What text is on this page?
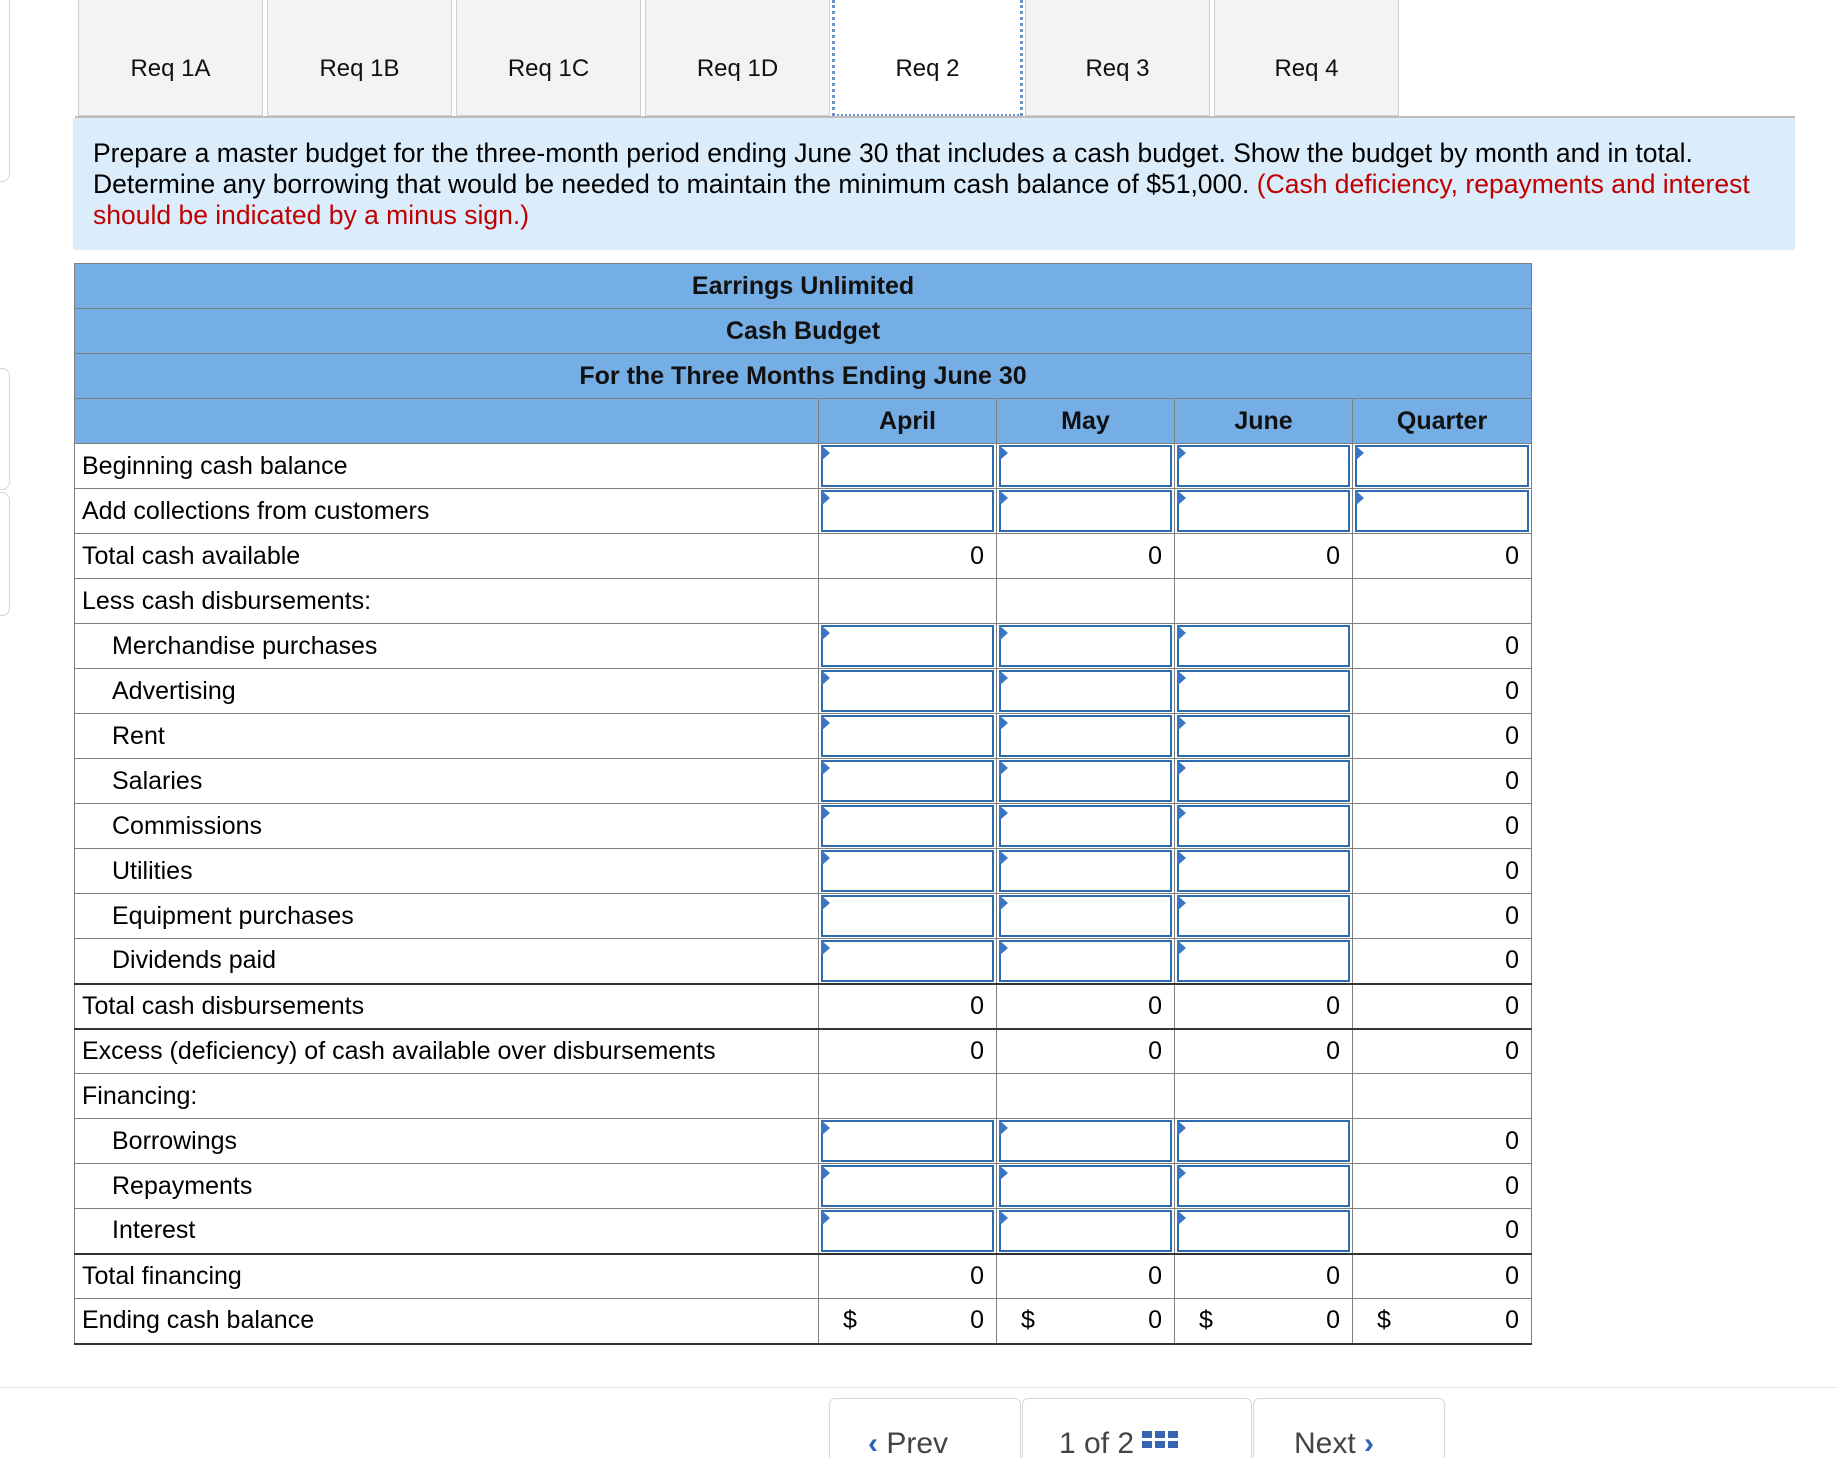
Req 1A	Req 1B	Req 1C	Req 1D	Req 2	Req 3	Req 4
Prepare a master budget for the three-month period ending June 30 that includes a cash budget. Show the budget by month and in total. Determine any borrowing that would be needed to maintain the minimum cash balance of $51,000. (Cash deficiency, repayments and interest should be indicated by a minus sign.)
Earrings Unlimited				
Cash Budget				
For the Three Months Ending June 30				
	April	May	June	Quarter
Beginning cash balance	

Add collections from customers	

Total cash available	0	0	0	0
Less cash disbursements:				
Merchandise purchases				0
Advertising				0
Rent				0
Salaries				0
Commissions				0
Utilities				0
Equipment purchases				0
Dividends paid				0
Total cash disbursements	0	0	0	0
Excess (deficiency) of cash available over disbursements	0	0	0	0
Financing:				
Borrowings				0
Repayments				0
Interest				0
Total financing	0	0	0	0
Ending cash balance	$ 0	$ 0	$ 0	$ 0
‹ Prev	1 of 2	Next ›
